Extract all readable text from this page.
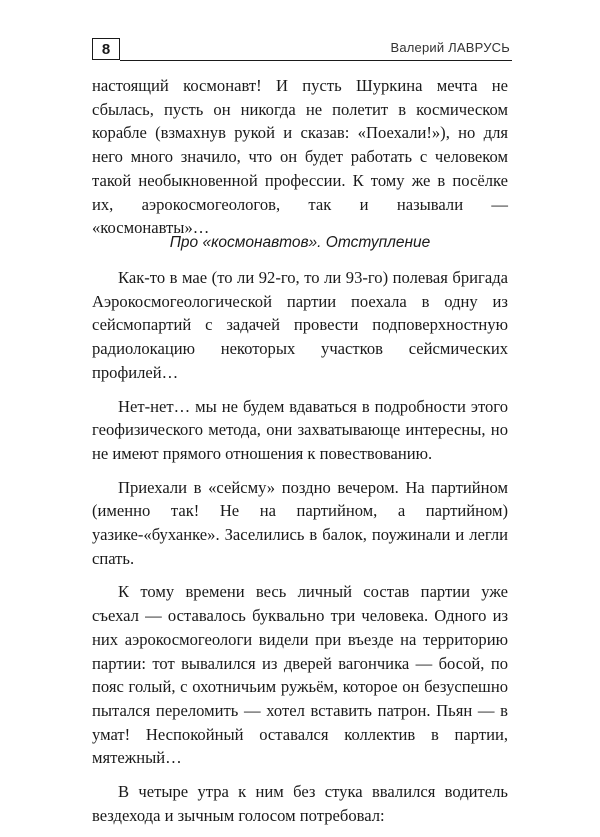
8	Валерий ЛАВРУСЬ

настоящий космонавт! И пусть Шуркина мечта не сбылась, пусть он никогда не полетит в космическом корабле (взмахнув рукой и сказав: «Поехали!»), но для него много значило, что он будет работать с человеком такой необыкновенной профессии. К тому же в посёлке их, аэрокосмогеологов, так и называли — «космонавты»…

Про «космонавтов». Отступление

Как-то в мае (то ли 92-го, то ли 93-го) полевая бригада Аэрокосмогеологической партии поехала в одну из сейсмопартий с задачей провести подповерхностную радиолокацию некоторых участков сейсмических профилей…

Нет-нет… мы не будем вдаваться в подробности этого геофизического метода, они захватывающе интересны, но не имеют прямого отношения к повествованию.

Приехали в «сейсму» поздно вечером. На партийном (именно так! Не на партийном, а партийном) уазике-«буханке». Заселились в балок, поужинали и легли спать.

К тому времени весь личный состав партии уже съехал — оставалось буквально три человека. Одного из них аэрокосмогеологи видели при въезде на территорию партии: тот вывалился из дверей вагончика — босой, по пояс голый, с охотничьим ружьём, которое он безуспешно пытался переломить — хотел вставить патрон. Пьян — в умат! Неспокойный оставался коллектив в партии, мятежный…

В четыре утра к ним без стука ввалился водитель вездехода и зычным голосом потребовал:
